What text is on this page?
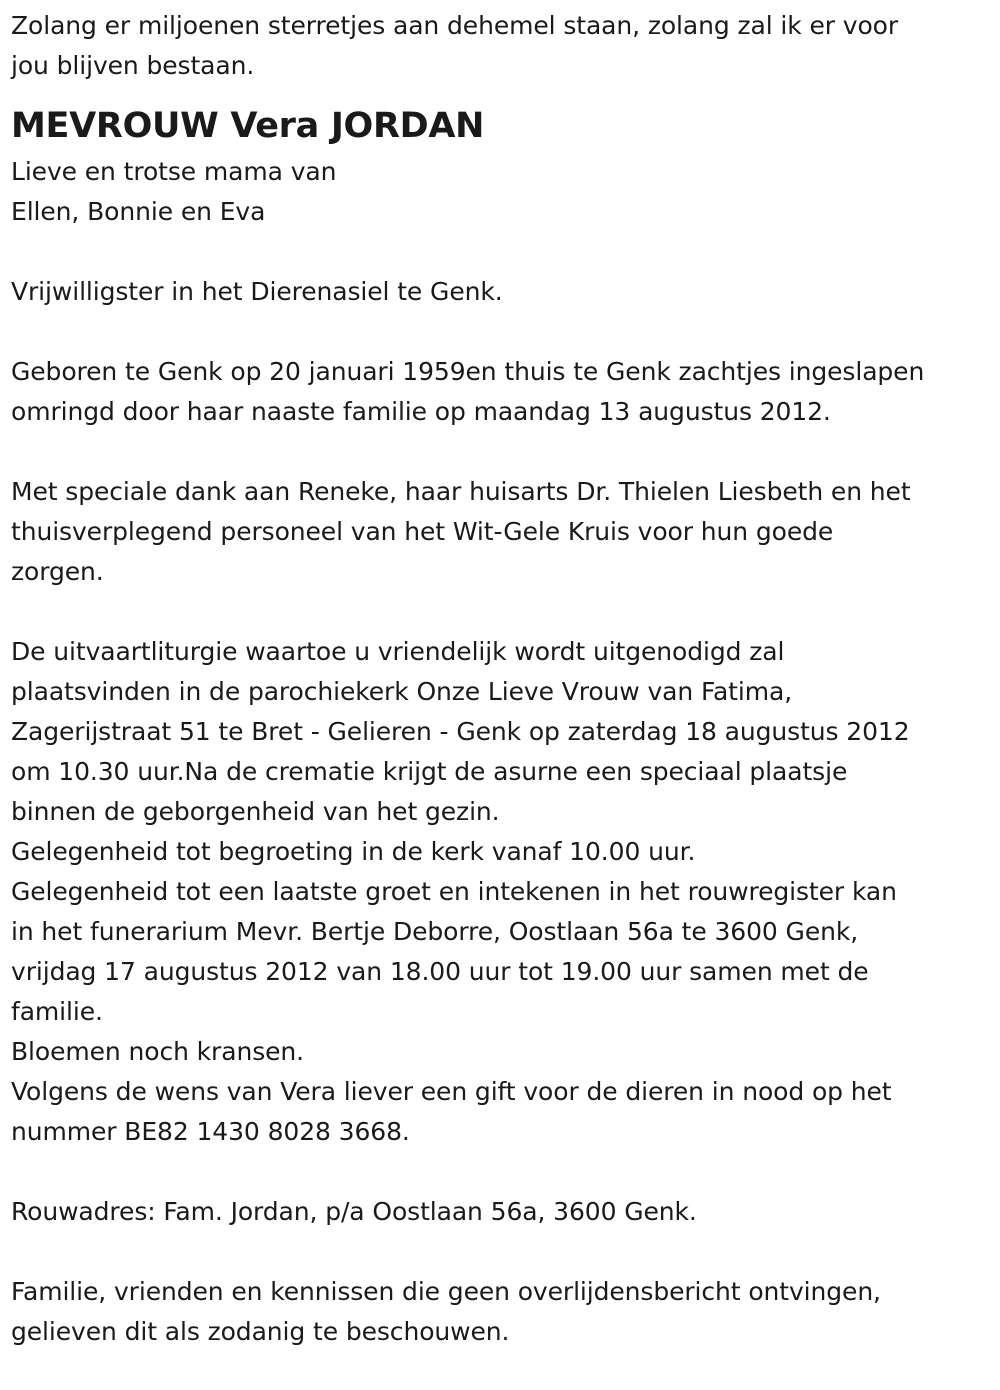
Zolang er miljoenen sterretjes aan dehemel staan, zolang zal ik er voor
jou blijven bestaan.
MEVROUW Vera JORDAN
Lieve en trotse mama van
Ellen, Bonnie en Eva
Vrijwilligster in het Dierenasiel te Genk.
Geboren te Genk op 20 januari 1959en thuis te Genk zachtjes ingeslapen
omringd door haar naaste familie op maandag 13 augustus 2012.
Met speciale dank aan Reneke, haar huisarts Dr. Thielen Liesbeth en het
thuisverplegend personeel van het Wit-Gele Kruis voor hun goede
zorgen.
De uitvaartliturgie waartoe u vriendelijk wordt uitgenodigd zal
plaatsvinden in de parochiekerk Onze Lieve Vrouw van Fatima,
Zagerijstraat 51 te Bret - Gelieren - Genk op zaterdag 18 augustus 2012
om 10.30 uur.Na de crematie krijgt de asurne een speciaal plaatsje
binnen de geborgenheid van het gezin.
Gelegenheid tot begroeting in de kerk vanaf 10.00 uur.
Gelegenheid tot een laatste groet en intekenen in het rouwregister kan
in het funerarium Mevr. Bertje Deborre, Oostlaan 56a te 3600 Genk,
vrijdag 17 augustus 2012 van 18.00 uur tot 19.00 uur samen met de
familie.
Bloemen noch kransen.
Volgens de wens van Vera liever een gift voor de dieren in nood op het
nummer BE82 1430 8028 3668.
Rouwadres: Fam. Jordan, p/a Oostlaan 56a, 3600 Genk.
Familie, vrienden en kennissen die geen overlijdensbericht ontvingen,
gelieven dit als zodanig te beschouwen.
